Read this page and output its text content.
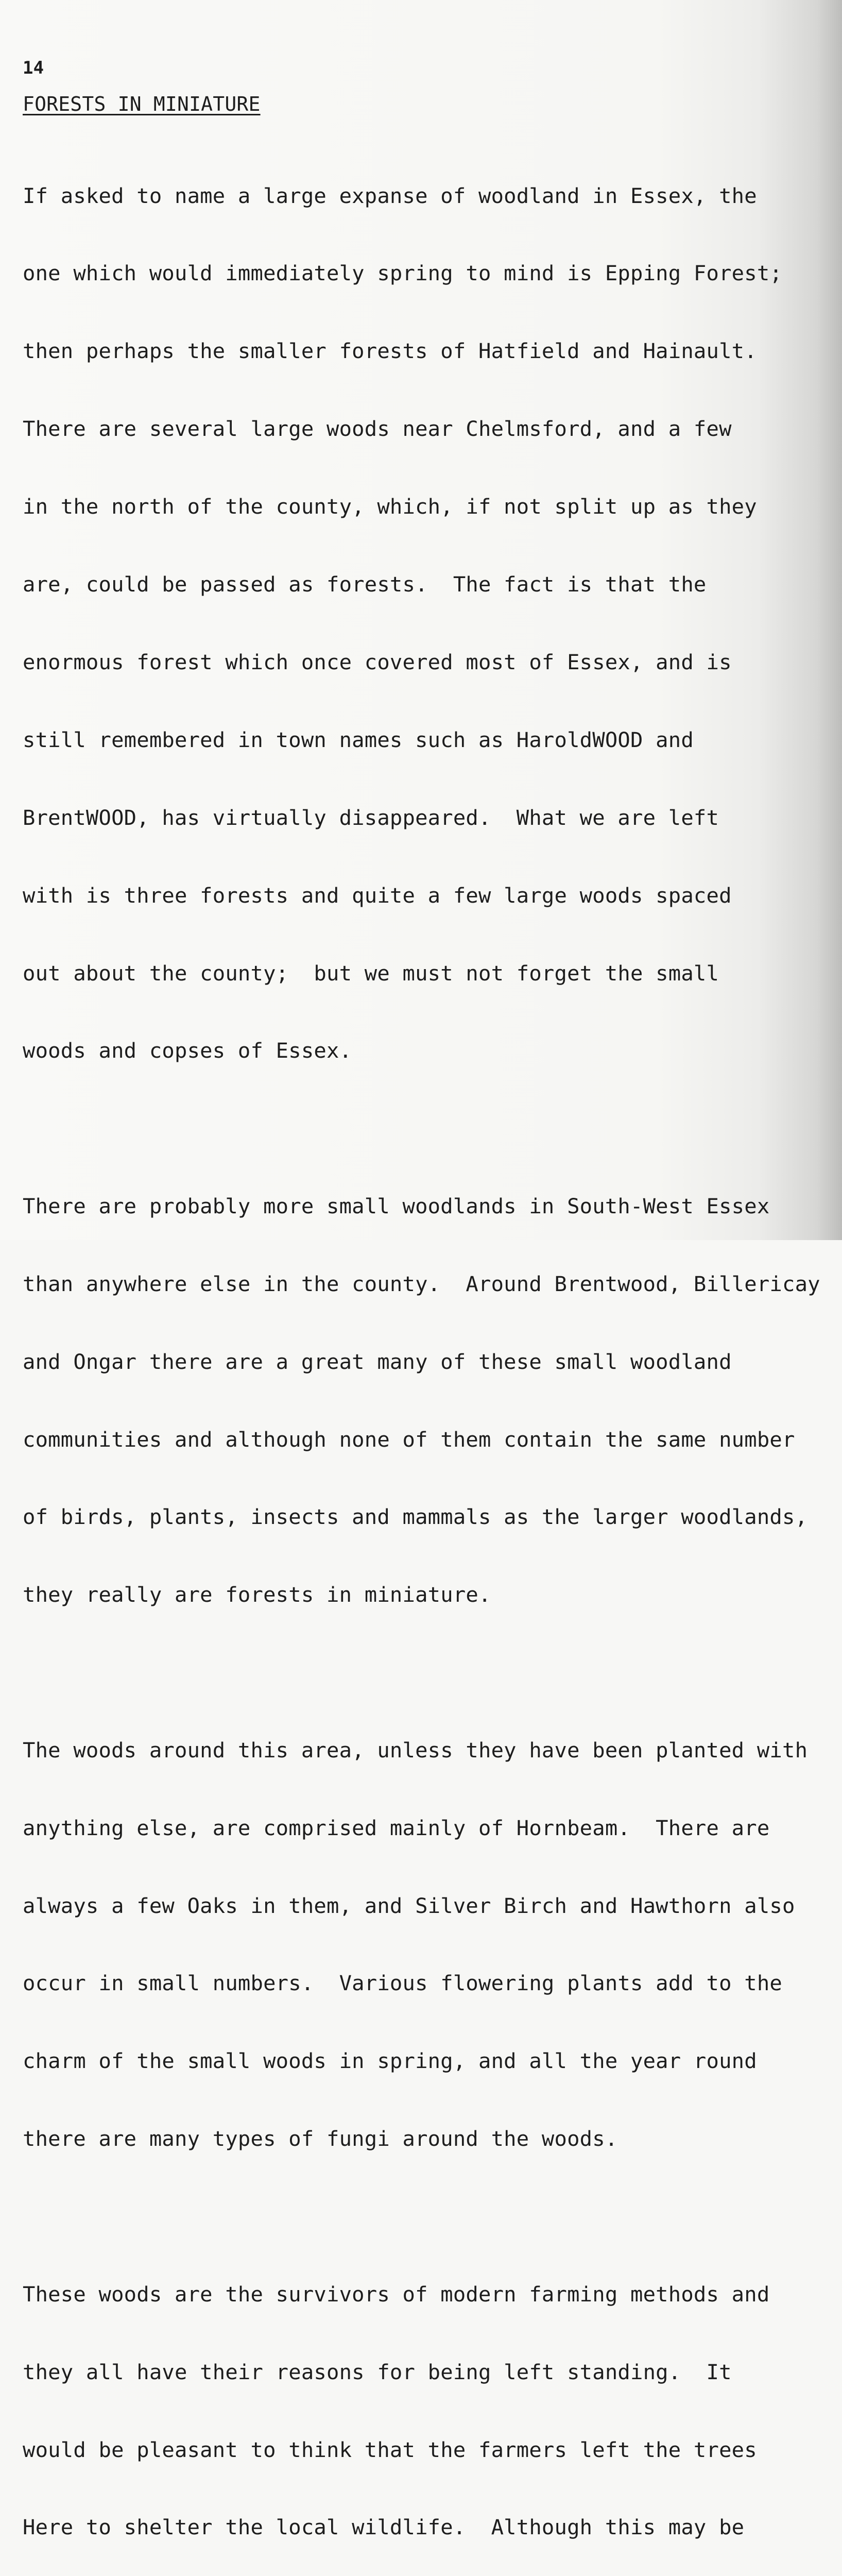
14
FORESTS IN MINIATURE

If asked to name a large expanse of woodland in Essex, the

one which would immediately spring to mind is Epping Forest;

then perhaps the smaller forests of Hatfield and Hainault.

There are several large woods near Chelmsford, and a few

in the north of the county, which, if not split up as they

are, could be passed as forests.  The fact is that the

enormous forest which once covered most of Essex, and is

still remembered in town names such as HaroldWOOD and

BrentWOOD, has virtually disappeared.  What we are left

with is three forests and quite a few large woods spaced

out about the county;  but we must not forget the small

woods and copses of Essex.

There are probably more small woodlands in South-West Essex

than anywhere else in the county.  Around Brentwood, Billericay

and Ongar there are a great many of these small woodland

communities and although none of them contain the same number

of birds, plants, insects and mammals as the larger woodlands,

they really are forests in miniature.

The woods around this area, unless they have been planted with

anything else, are comprised mainly of Hornbeam.  There are

always a few Oaks in them, and Silver Birch and Hawthorn also

occur in small numbers.  Various flowering plants add to the

charm of the small woods in spring, and all the year round

there are many types of fungi around the woods.

These woods are the survivors of modern farming methods and

they all have their reasons for being left standing.  It

would be pleasant to think that the farmers left the trees

Here to shelter the local wildlife.  Although this may be
